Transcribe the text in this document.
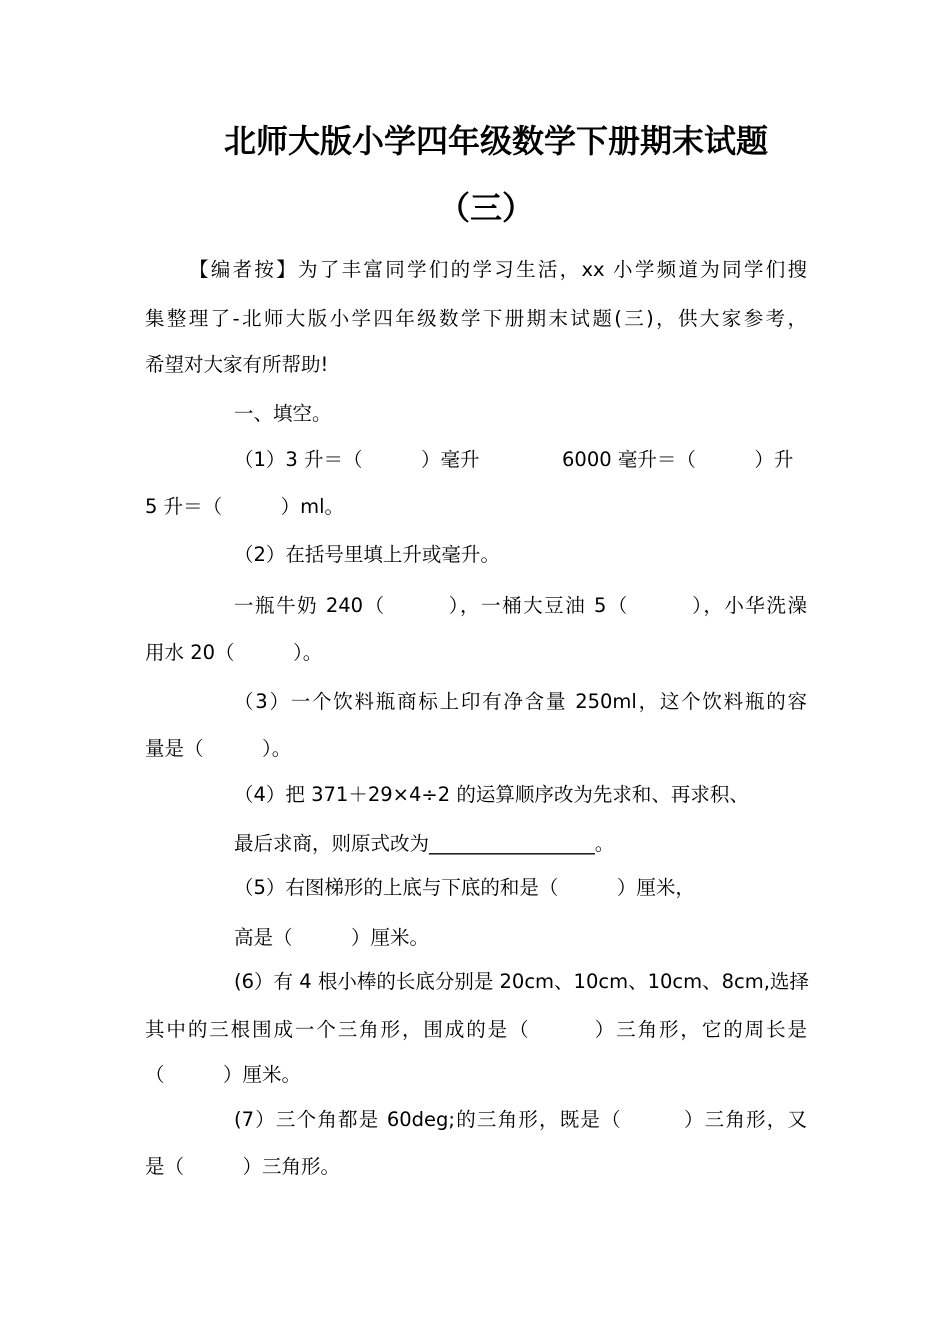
北师大版小学四年级数学下册期末试题
（三）
【编者按】为了丰富同学们的学习生活，xx 小学频道为同学们搜
集整理了-北师大版小学四年级数学下册期末试题(三)，供大家参考，
希望对大家有所帮助!
一、填空。
（1）3 升＝（　　　）毫升	6000 毫升＝（　　　）升
5 升＝（　　　）ml。
（2）在括号里填上升或毫升。
一瓶牛奶 240（　　　），一桶大豆油 5（　　　），小华洗澡
用水 20（　　　）。
（3）一个饮料瓶商标上印有净含量 250ml，这个饮料瓶的容
量是（　　　）。
（4）把 371＋29×4÷2 的运算顺序改为先求和、再求积、
最后求商，则原式改为_________________。
（5）右图梯形的上底与下底的和是（　　　）厘米，
高是（　　　）厘米。
(6）有 4 根小棒的长底分别是 20cm、10cm、10cm、8cm,选择
其中的三根围成一个三角形，围成的是（　　　）三角形，它的周长是
（　　　）厘米。
(7）三个角都是 60deg;的三角形，既是（　　　）三角形，又
是（　　　）三角形。
